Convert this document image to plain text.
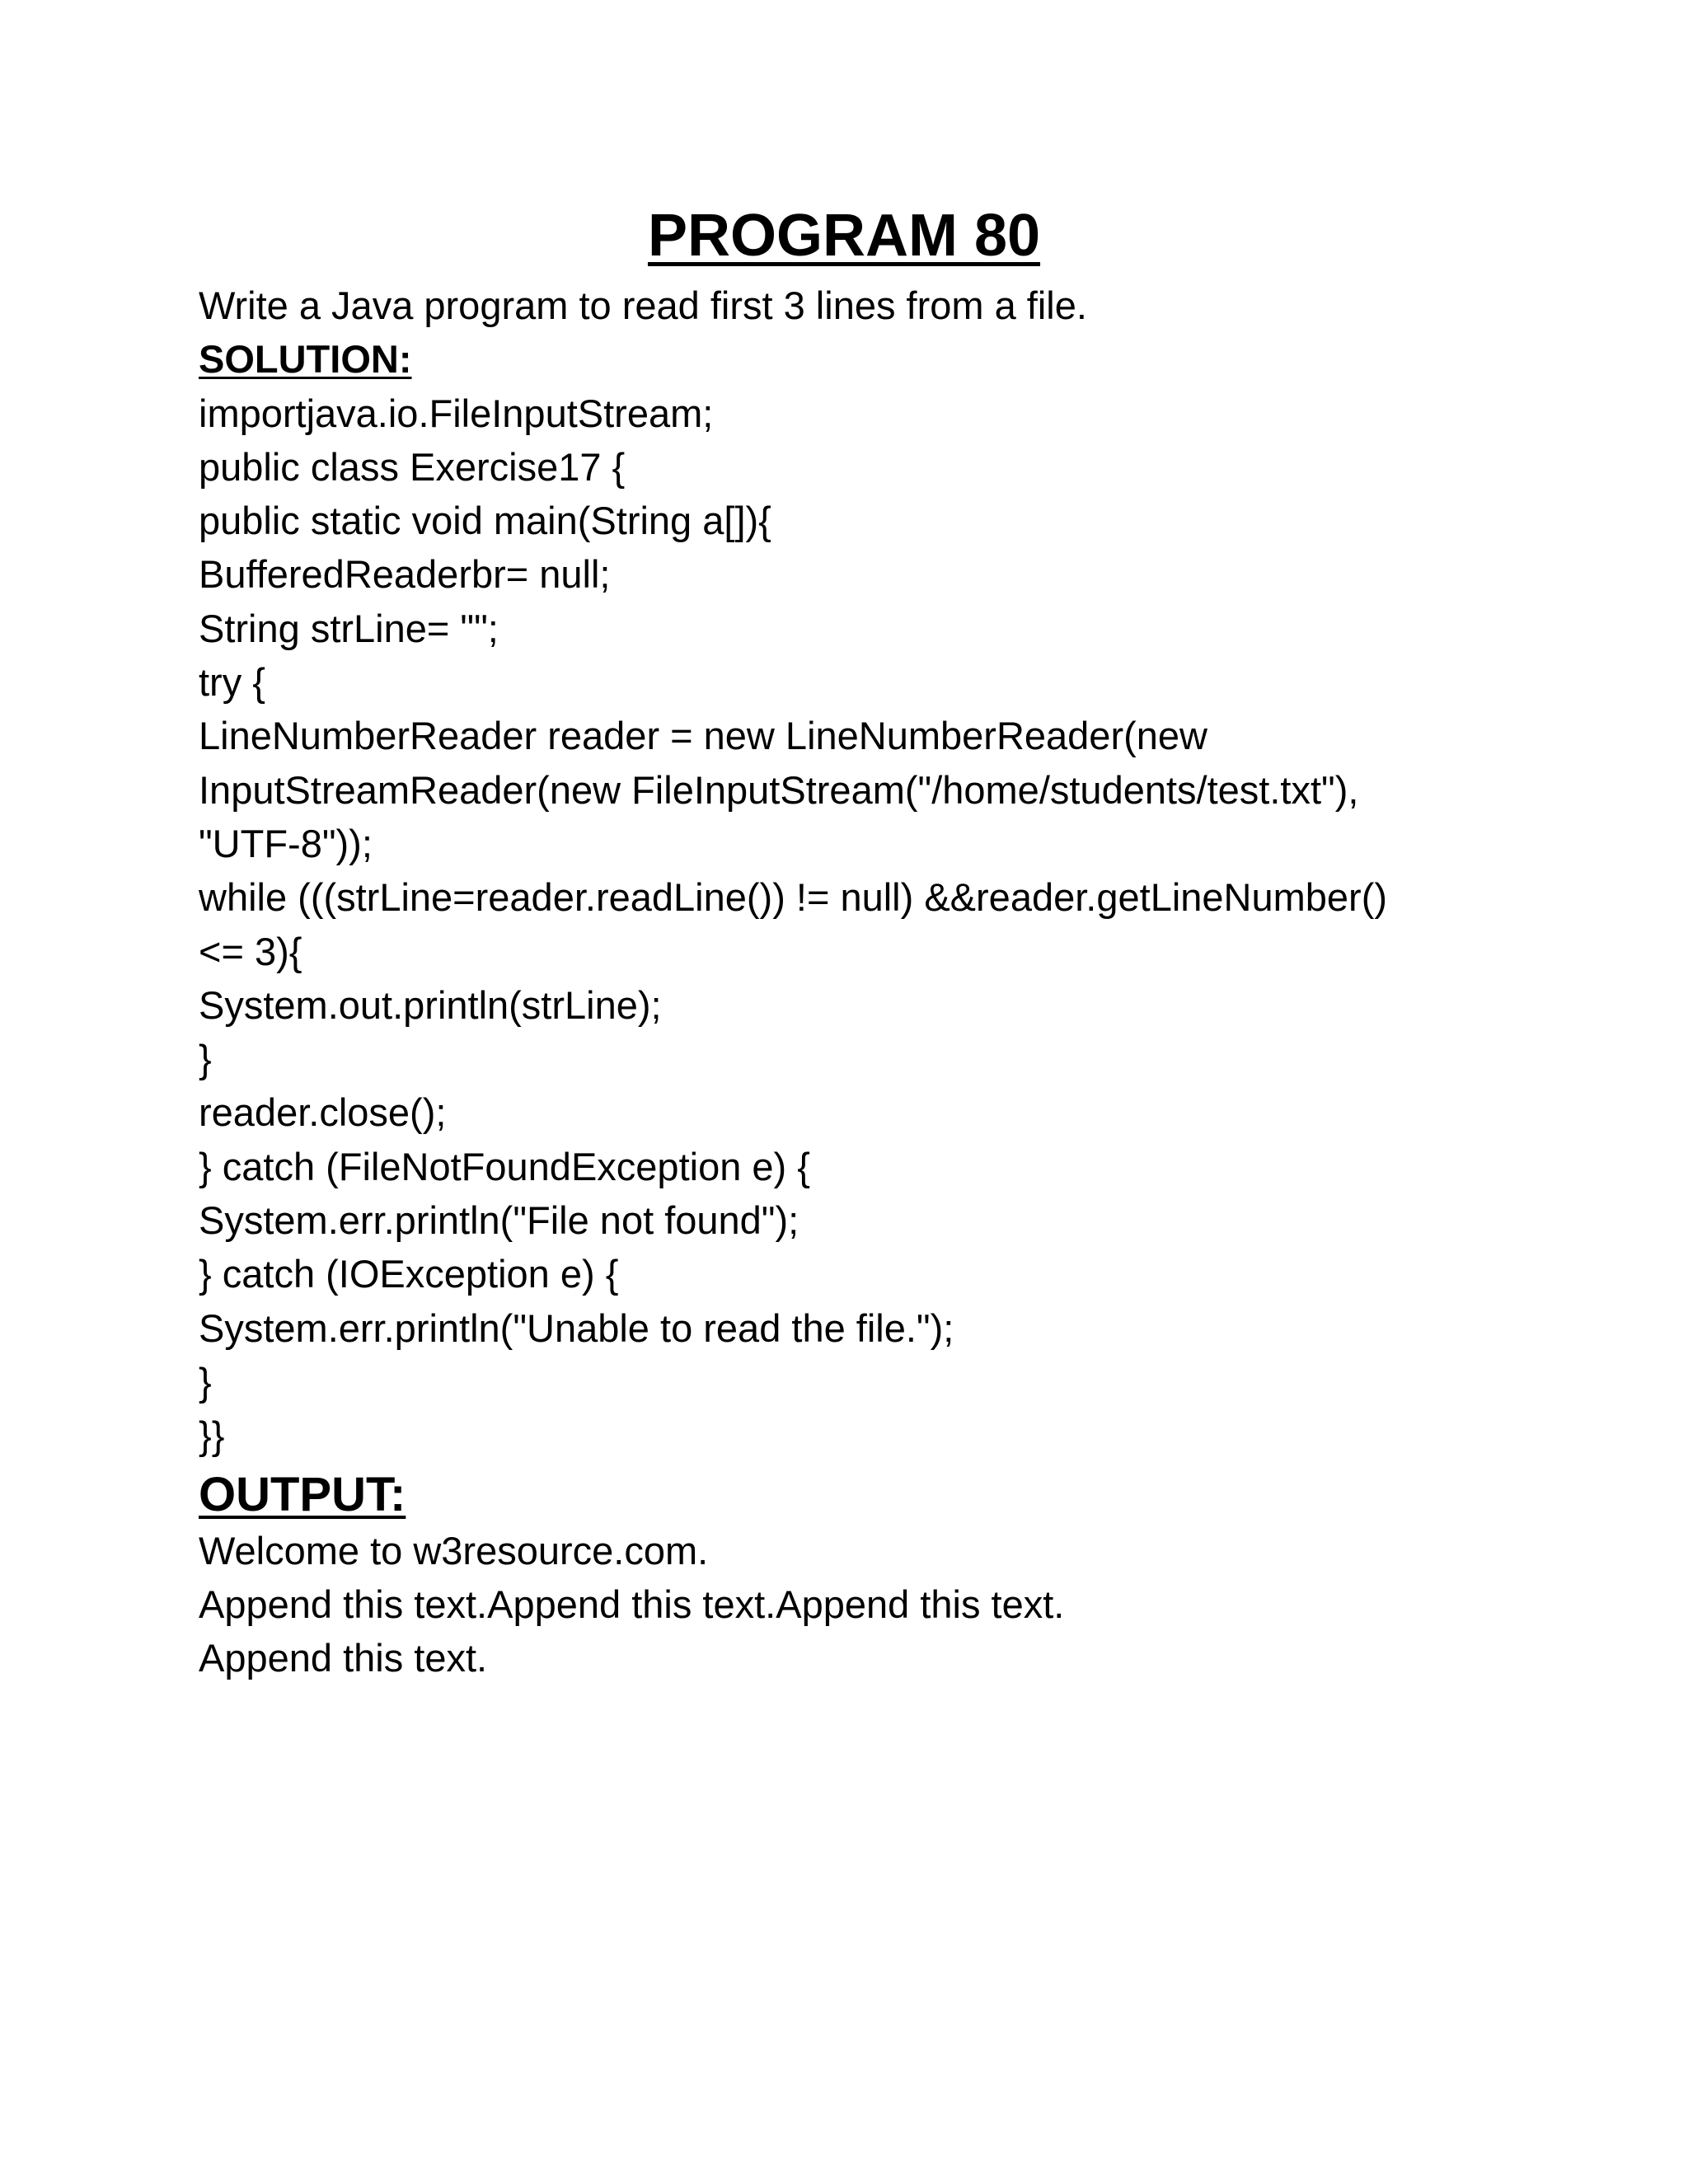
PROGRAM 80
Write a Java program to read first 3 lines from a file.
SOLUTION:
importjava.io.FileInputStream;
public class Exercise17 {
public static void main(String a[]){
BufferedReaderbr= null;
String strLine= "";
try {
LineNumberReader reader = new LineNumberReader(new
InputStreamReader(new FileInputStream("/home/students/test.txt"),
"UTF-8"));
while (((strLine=reader.readLine()) != null) &&reader.getLineNumber()
<= 3){
System.out.println(strLine);
}
reader.close();
} catch (FileNotFoundException e) {
System.err.println("File not found");
} catch (IOException e) {
System.err.println("Unable to read the file.");
}
}}
OUTPUT:
Welcome to w3resource.com.
Append this text.Append this text.Append this text.
Append this text.
